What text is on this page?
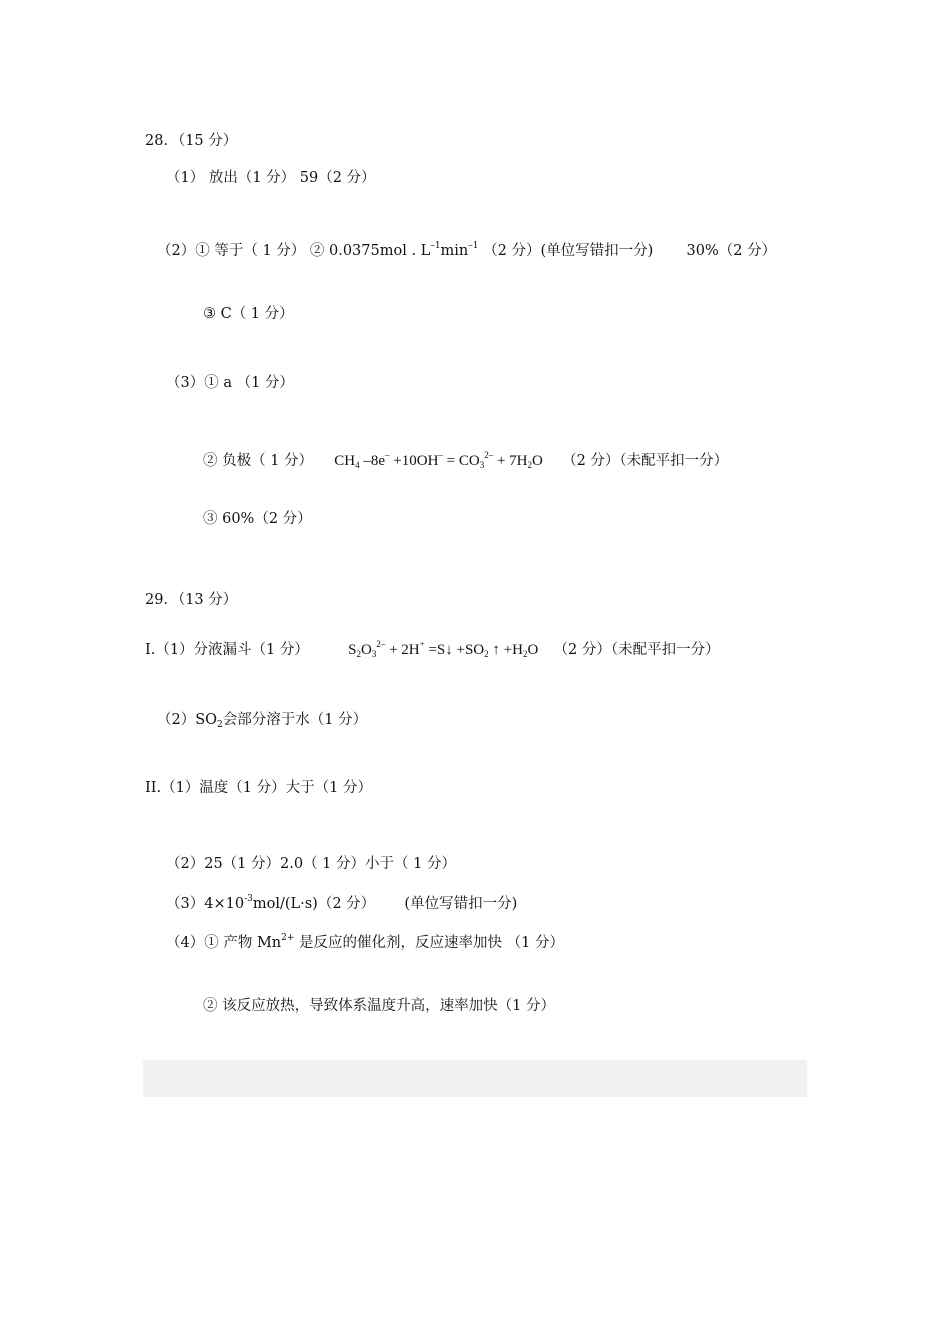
28．（15 分）
（1） 放出（1 分） 59（2 分）
（2）① 等于（ 1 分） ② 0.0375mol . $L^{-1}\min^{-1}$ （2 分）(单位写错扣一分) 30%（2 分）
③ C（ 1 分）
（3）① a （1 分）
② 负极（ 1 分） $CH_4$ $-8e^- +10OH^- = CO_3^{2-} + 7H_2O$ （2 分）（未配平扣一分）
③ 60%（2 分）
29．（13 分）
I.（1）分液漏斗（1 分）	$S_2O_3^{2-} + 2H^+$ =S↓ $+SO_2$ ↑ $+H_2O$ （2 分）（未配平扣一分）
$(2)SO_2$会部分溶于水（1 分）
II.（1）温度（1 分）大于（1 分）
（2）25（1 分）2.0（ 1 分）小于（ 1 分）
$(3)4\times 10^{-3}mol/(L\cdot s)(2$ 分） (单位写错扣一分)
（4）① 产物 $Mn^{2+}$ 是反应的催化剂，反应速率加快 （1 分）
② 该反应放热，导致体系温度升高，速率加快（1 分）
